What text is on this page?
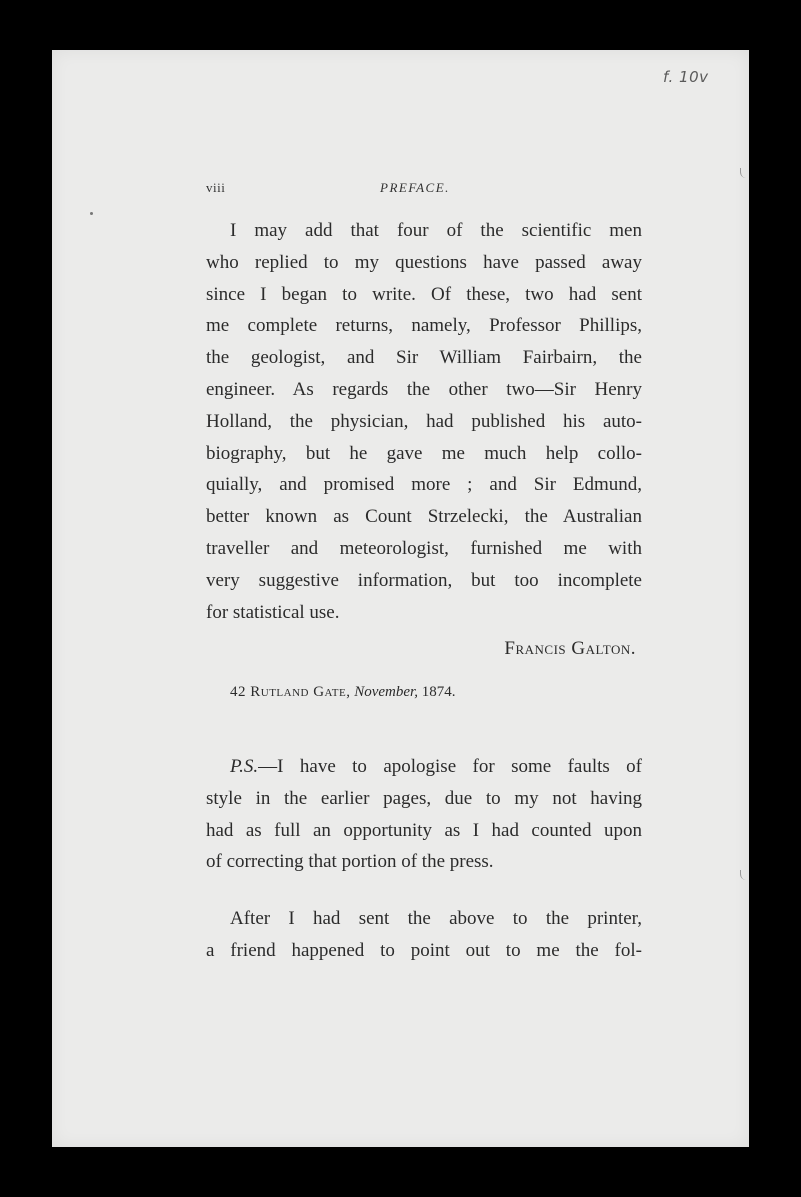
f. 10v
viii	PREFACE.
I may add that four of the scientific men
who replied to my questions have passed away
since I began to write. Of these, two had sent
me complete returns, namely, Professor Phillips,
the geologist, and Sir William Fairbairn, the
engineer. As regards the other two—Sir Henry
Holland, the physician, had published his auto-
biography, but he gave me much help collo-
quially, and promised more ; and Sir Edmund,
better known as Count Strzelecki, the Australian
traveller and meteorologist, furnished me with
very suggestive information, but too incomplete
for statistical use.
Francis Galton.
42 Rutland Gate, November, 1874.
P.S.—I have to apologise for some faults of
style in the earlier pages, due to my not having
had as full an opportunity as I had counted upon
of correcting that portion of the press.
After I had sent the above to the printer,
a friend happened to point out to me the fol-
